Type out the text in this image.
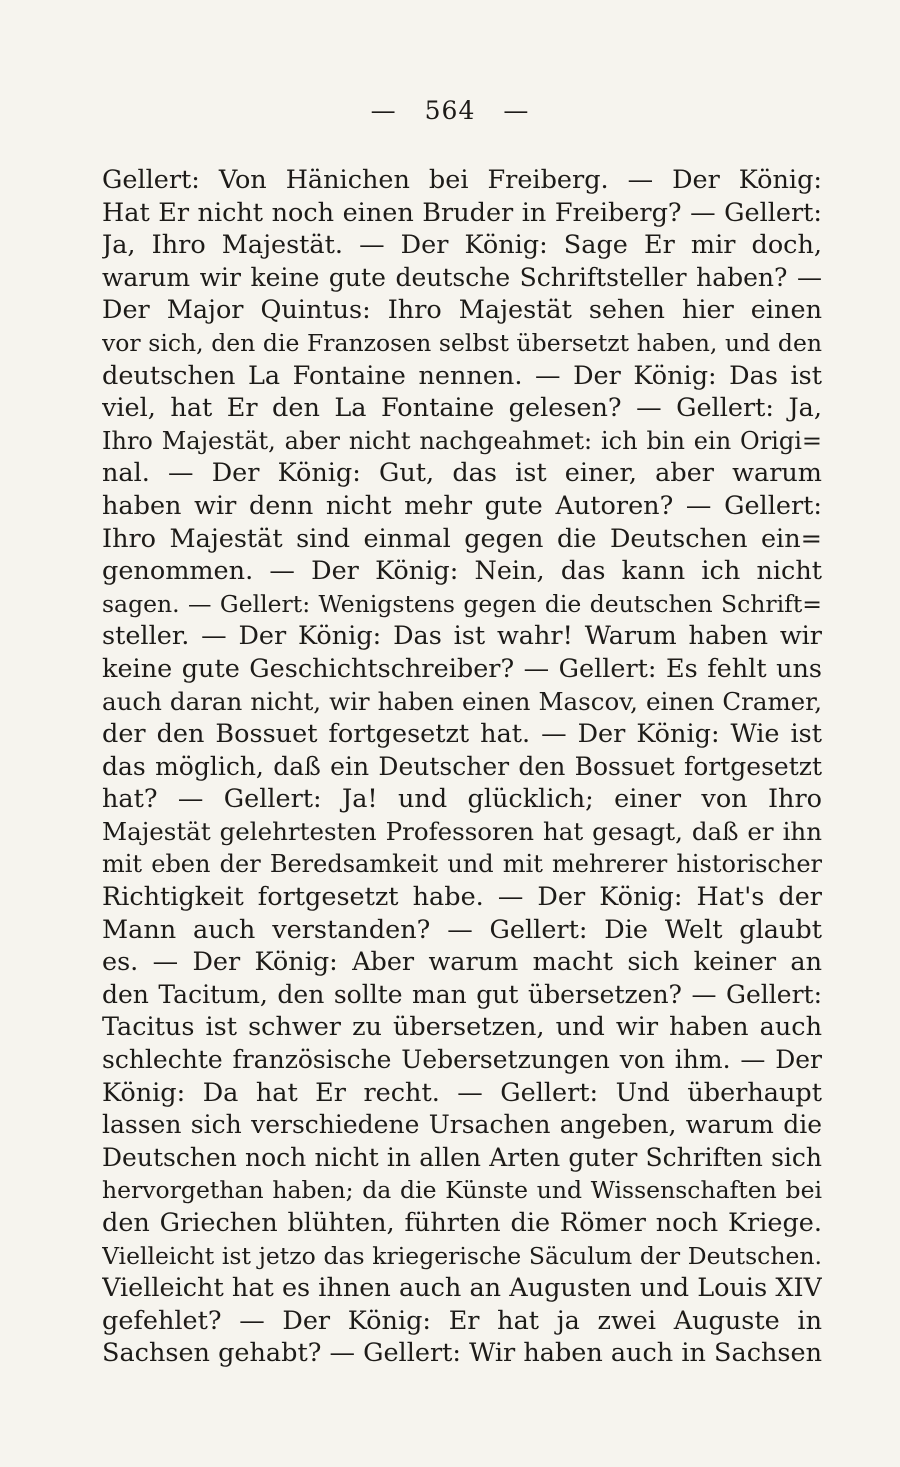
— 564 —
Gellert: Von Hänichen bei Freiberg. — Der König:
Hat Er nicht noch einen Bruder in Freiberg? — Gellert:
Ja, Ihro Majestät. — Der König: Sage Er mir doch,
warum wir keine gute deutsche Schriftsteller haben? —
Der Major Quintus: Ihro Majestät sehen hier einen
vor sich, den die Franzosen selbst übersetzt haben, und den
deutschen La Fontaine nennen. — Der König: Das ist
viel, hat Er den La Fontaine gelesen? — Gellert: Ja,
Ihro Majestät, aber nicht nachgeahmet: ich bin ein Origi=
nal. — Der König: Gut, das ist einer, aber warum
haben wir denn nicht mehr gute Autoren? — Gellert:
Ihro Majestät sind einmal gegen die Deutschen ein=
genommen. — Der König: Nein, das kann ich nicht
sagen. — Gellert: Wenigstens gegen die deutschen Schrift=
steller. — Der König: Das ist wahr! Warum haben wir
keine gute Geschichtschreiber? — Gellert: Es fehlt uns
auch daran nicht, wir haben einen Mascov, einen Cramer,
der den Bossuet fortgesetzt hat. — Der König: Wie ist
das möglich, daß ein Deutscher den Bossuet fortgesetzt
hat? — Gellert: Ja! und glücklich; einer von Ihro
Majestät gelehrtesten Professoren hat gesagt, daß er ihn
mit eben der Beredsamkeit und mit mehrerer historischer
Richtigkeit fortgesetzt habe. — Der König: Hat's der
Mann auch verstanden? — Gellert: Die Welt glaubt
es. — Der König: Aber warum macht sich keiner an
den Tacitum, den sollte man gut übersetzen? — Gellert:
Tacitus ist schwer zu übersetzen, und wir haben auch
schlechte französische Uebersetzungen von ihm. — Der
König: Da hat Er recht. — Gellert: Und überhaupt
lassen sich verschiedene Ursachen angeben, warum die
Deutschen noch nicht in allen Arten guter Schriften sich
hervorgethan haben; da die Künste und Wissenschaften bei
den Griechen blühten, führten die Römer noch Kriege.
Vielleicht ist jetzo das kriegerische Säculum der Deutschen.
Vielleicht hat es ihnen auch an Augusten und Louis XIV
gefehlet? — Der König: Er hat ja zwei Auguste in
Sachsen gehabt? — Gellert: Wir haben auch in Sachsen
